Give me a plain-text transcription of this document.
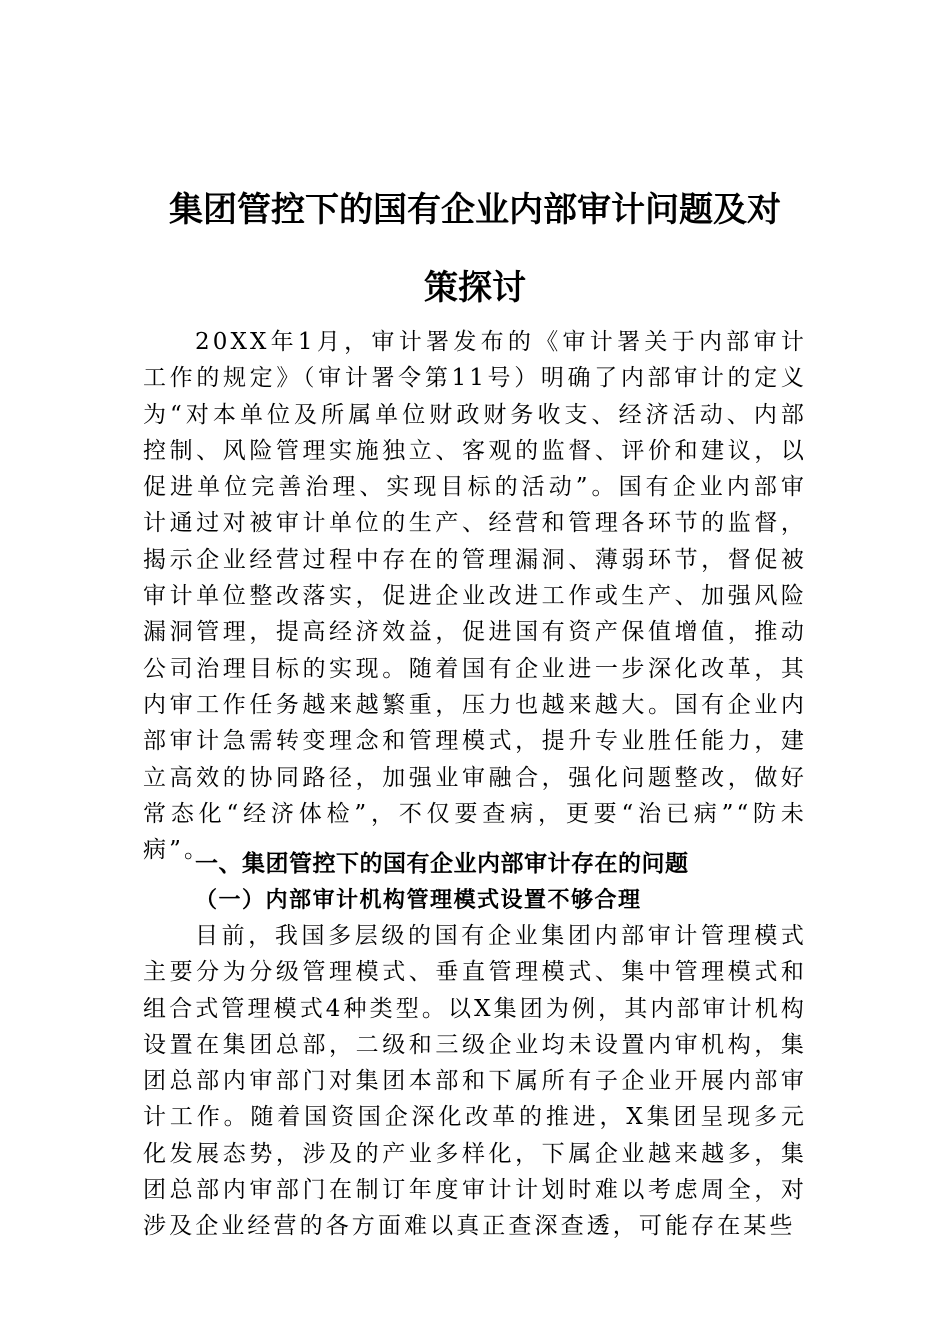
集团管控下的国有企业内部审计问题及对
策探讨

20XX年1月，审计署发布的《审计署关于内部审计工作的规定》（审计署令第11号）明确了内部审计的定义为“对本单位及所属单位财政财务收支、经济活动、内部控制、风险管理实施独立、客观的监督、评价和建议，以促进单位完善治理、实现目标的活动”。国有企业内部审计通过对被审计单位的生产、经营和管理各环节的监督，揭示企业经营过程中存在的管理漏洞、薄弱环节，督促被审计单位整改落实，促进企业改进工作或生产、加强风险漏洞管理，提高经济效益，促进国有资产保值增值，推动公司治理目标的实现。随着国有企业进一步深化改革，其内审工作任务越来越繁重，压力也越来越大。国有企业内部审计急需转变理念和管理模式，提升专业胜任能力，建立高效的协同路径，加强业审融合，强化问题整改，做好常态化“经济体检”，不仅要查病，更要“治已病”“防未病”。

一、集团管控下的国有企业内部审计存在的问题
（一）内部审计机构管理模式设置不够合理

目前，我国多层级的国有企业集团内部审计管理模式主要分为分级管理模式、垂直管理模式、集中管理模式和组合式管理模式4种类型。以X集团为例，其内部审计机构设置在集团总部，二级和三级企业均未设置内审机构，集团总部内审部门对集团本部和下属所有子企业开展内部审计工作。随着国资国企深化改革的推进，X集团呈现多元化发展态势，涉及的产业多样化，下属企业越来越多，集团总部内审部门在制订年度审计计划时难以考虑周全，对涉及企业经营的各方面难以真正查深查透，可能存在某些
